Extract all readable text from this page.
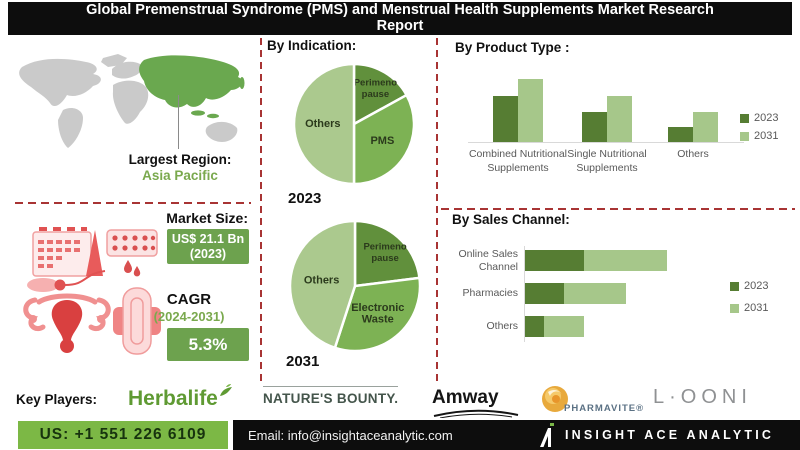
Global Premenstrual Syndrome (PMS) and Menstrual Health Supplements Market Research
Report
Largest Region:
Asia Pacific
Market Size:
US$ 21.1 Bn
(2023)
CAGR
(2024-2031)
5.3%
By Indication:
Perimeno pause
PMS
Others
Perimeno pause
Electronic Waste
Others
2023
2031
By Product Type :
Combined Nutritional Supplements
Single Nutritional Supplements
Others
2023
2031
By Sales Channel:
Online Sales Channel
Pharmacies
Others
2023
2031
Key Players: Herbalife	NATURE'S BOUNTY. Amway
PHARMAVITE®
L·OONI
US: +1 551 226 6109	Email: info@insightaceanalytic.com	INSIGHT ACE ANALYTIC
